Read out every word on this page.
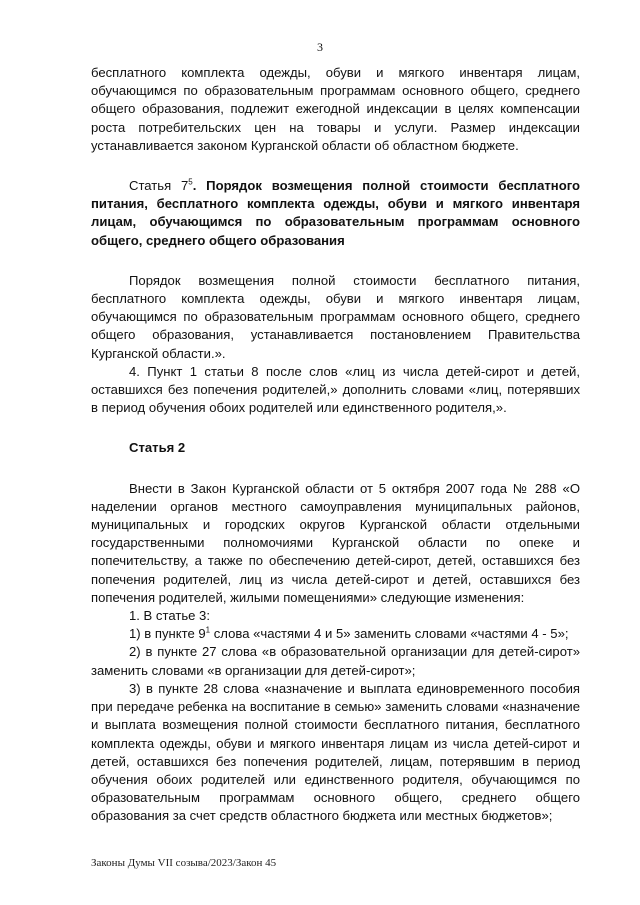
3

бесплатного комплекта одежды, обуви и мягкого инвентаря лицам, обучающимся по образовательным программам основного общего, среднего общего образования, подлежит ежегодной индексации в целях компенсации роста потребительских цен на товары и услуги. Размер индексации устанавливается законом Курганской области об областном бюджете.

Статья $7^5$. Порядок возмещения полной стоимости бесплатного питания, бесплатного комплекта одежды, обуви и мягкого инвентаря лицам, обучающимся по образовательным программам основного общего, среднего общего образования

Порядок возмещения полной стоимости бесплатного питания, бесплатного комплекта одежды, обуви и мягкого инвентаря лицам, обучающимся по образовательным программам основного общего, среднего общего образования, устанавливается постановлением Правительства Курганской области.».

4. Пункт 1 статьи 8 после слов «лиц из числа детей-сирот и детей, оставшихся без попечения родителей,» дополнить словами «лиц, потерявших в период обучения обоих родителей или единственного родителя,».

Статья 2

Внести в Закон Курганской области от 5 октября 2007 года № 288 «О наделении органов местного самоуправления муниципальных районов, муниципальных и городских округов Курганской области отдельными государственными полномочиями Курганской области по опеке и попечительству, а также по обеспечению детей-сирот, детей, оставшихся без попечения родителей, лиц из числа детей-сирот и детей, оставшихся без попечения родителей, жилыми помещениями» следующие изменения:

1. В статье 3:

1) в пункте $9^1$ слова «частями 4 и 5» заменить словами «частями 4 - 5»;

2) в пункте 27 слова «в образовательной организации для детей-сирот» заменить словами «в организации для детей-сирот»;

3) в пункте 28 слова «назначение и выплата единовременного пособия при передаче ребенка на воспитание в семью» заменить словами «назначение и выплата возмещения полной стоимости бесплатного питания, бесплатного комплекта одежды, обуви и мягкого инвентаря лицам из числа детей-сирот и детей, оставшихся без попечения родителей, лицам, потерявшим в период обучения обоих родителей или единственного родителя, обучающимся по образовательным программам основного общего, среднего общего образования за счет средств областного бюджета или местных бюджетов»;

Законы Думы VII созыва/2023/Закон 45
